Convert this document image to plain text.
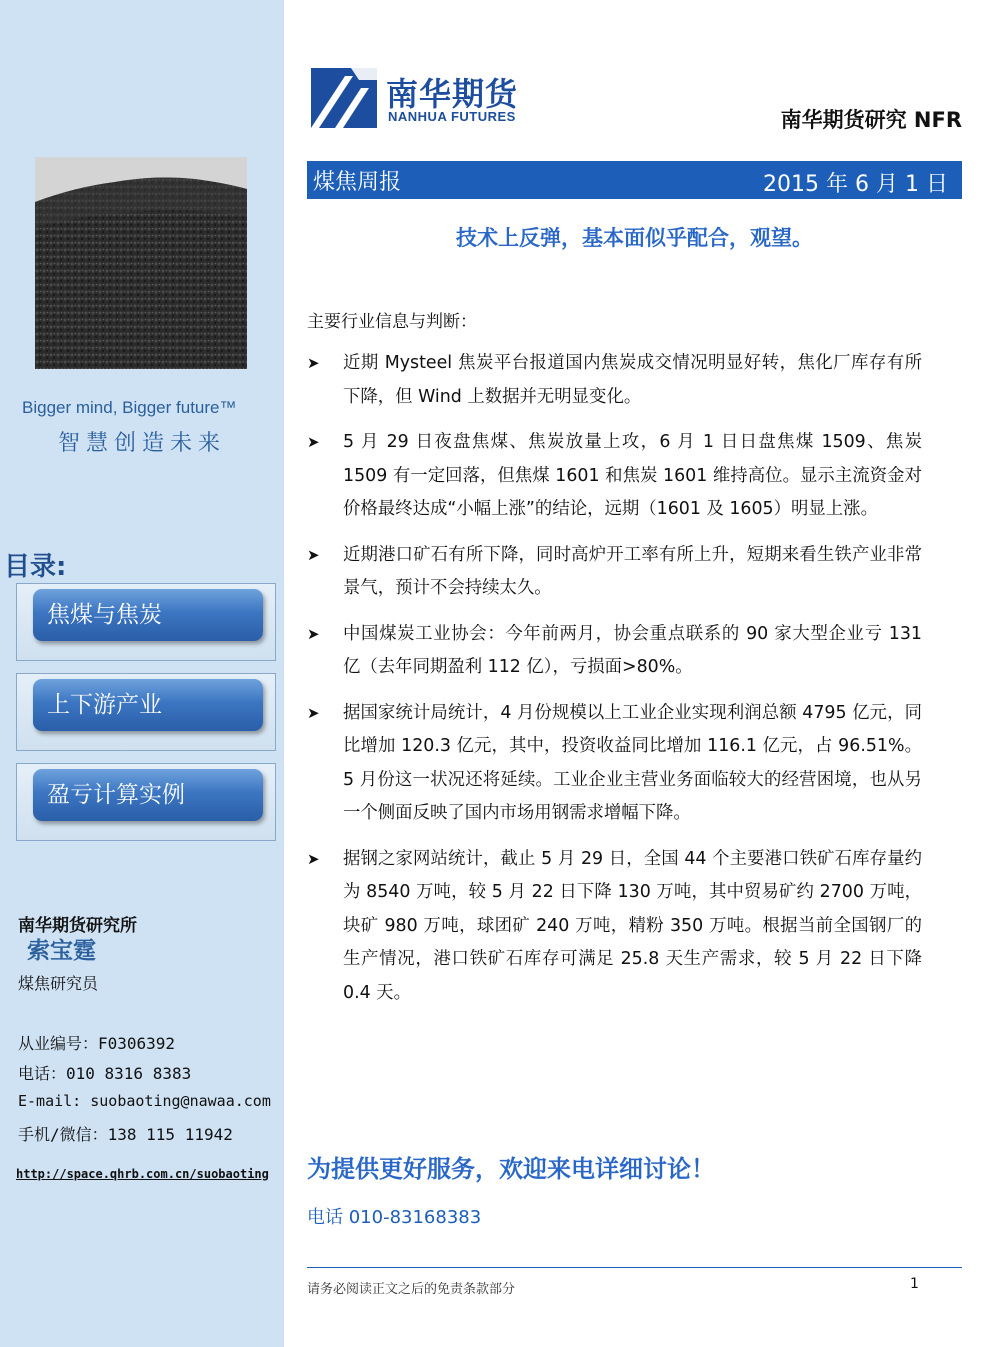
Bigger mind, Bigger future™
智慧创造未来
目录:
焦煤与焦炭
上下游产业
盈亏计算实例
南华期货研究所
索宝霆
煤焦研究员
从业编号：F0306392
电话：010 8316 8383
E-mail: suobaoting@nawaa.com
手机/微信：138 115 11942
http://space.qhrb.com.cn/suobaoting
南华期货
NANHUA FUTURES	南华期货研究 NFR
煤焦周报	2015 年 6 月 1 日
技术上反弹，基本面似乎配合，观望。
主要行业信息与判断：
➤ 近期 Mysteel 焦炭平台报道国内焦炭成交情况明显好转，焦化厂库存有所下降，但 Wind 上数据并无明显变化。
➤ 5 月 29 日夜盘焦煤、焦炭放量上攻，6 月 1 日日盘焦煤 1509、焦炭 1509 有一定回落，但焦煤 1601 和焦炭 1601 维持高位。显示主流资金对价格最终达成“小幅上涨”的结论，远期（1601 及 1605）明显上涨。
➤ 近期港口矿石有所下降，同时高炉开工率有所上升，短期来看生铁产业非常景气，预计不会持续太久。
➤ 中国煤炭工业协会：今年前两月，协会重点联系的 90 家大型企业亏 131 亿（去年同期盈利 112 亿），亏损面>80%。
➤ 据国家统计局统计，4 月份规模以上工业企业实现利润总额 4795 亿元，同比增加 120.3 亿元，其中，投资收益同比增加 116.1 亿元，占 96.51%。5 月份这一状况还将延续。工业企业主营业务面临较大的经营困境，也从另一个侧面反映了国内市场用钢需求增幅下降。
➤ 据钢之家网站统计，截止 5 月 29 日，全国 44 个主要港口铁矿石库存量约为 8540 万吨，较 5 月 22 日下降 130 万吨，其中贸易矿约 2700 万吨，块矿 980 万吨，球团矿 240 万吨，精粉 350 万吨。根据当前全国钢厂的生产情况，港口铁矿石库存可满足 25.8 天生产需求，较 5 月 22 日下降 0.4 天。
为提供更好服务，欢迎来电详细讨论！
电话 010-83168383
请务必阅读正文之后的免责条款部分	1
